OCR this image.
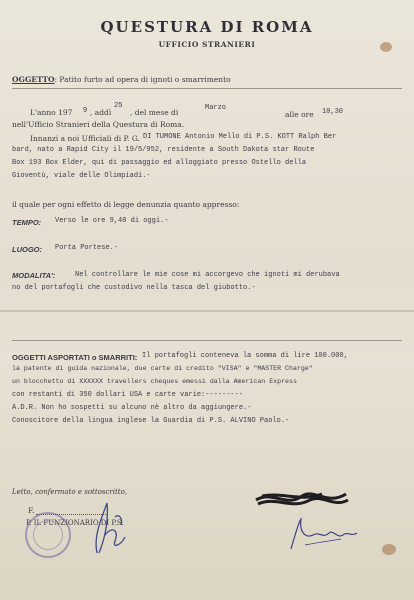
QUESTURA DI ROMA
UFFICIO STRANIERI
OGGETTO: Patito furto ad opera di ignoti o smarrimento
L'anno 197 9 , addì
25
, del mese di	Marzo
alle ore 10,30
nell'Ufficio Stranieri della Questura di Roma.
Innanzi a noi Ufficiali di P. G. DI TUMONE Antonio Mello di P.S. KOTT Ralph Ber
bard, nato a Rapid City il 19/5/952, residente a South Dakota star Route
Box 193 Box Elder, qui di passaggio ed alloggiato presso Ostello della
Gioventù, viale delle Olimpiadi.-
il quale per ogni effetto di legge denunzia quanto appresso:
TEMPO: Verso le ore 9,40 di oggi.-
LUOGO: Porta Portese.-
MODALITA':	Nel controllare le mie cose mi accorgevo che ignoti mi derubava
no del portafogli che custodivo nella tasca del giubotto.-
OGGETTI ASPORTATI o SMARRITI: Il portafogli conteneva la somma di lire 100.000,
la patente di guida nazionale, due carte di credito "VISA" e "MASTER Charge"
un blocchetto di XXXXXX travellers cheques emessi dalla American Express
con restanti di 350 dollari USA e carte varie:---------
A.D.R. Non ho sospetti su alcuno nè altro da aggiungere.-
Conoscitore della lingua inglese la Guardia di P.S. ALVINO Paolo.-
Letto, confermato e sottoscritto,
F.
P. IL FUNZIONARIO DI P.S.
